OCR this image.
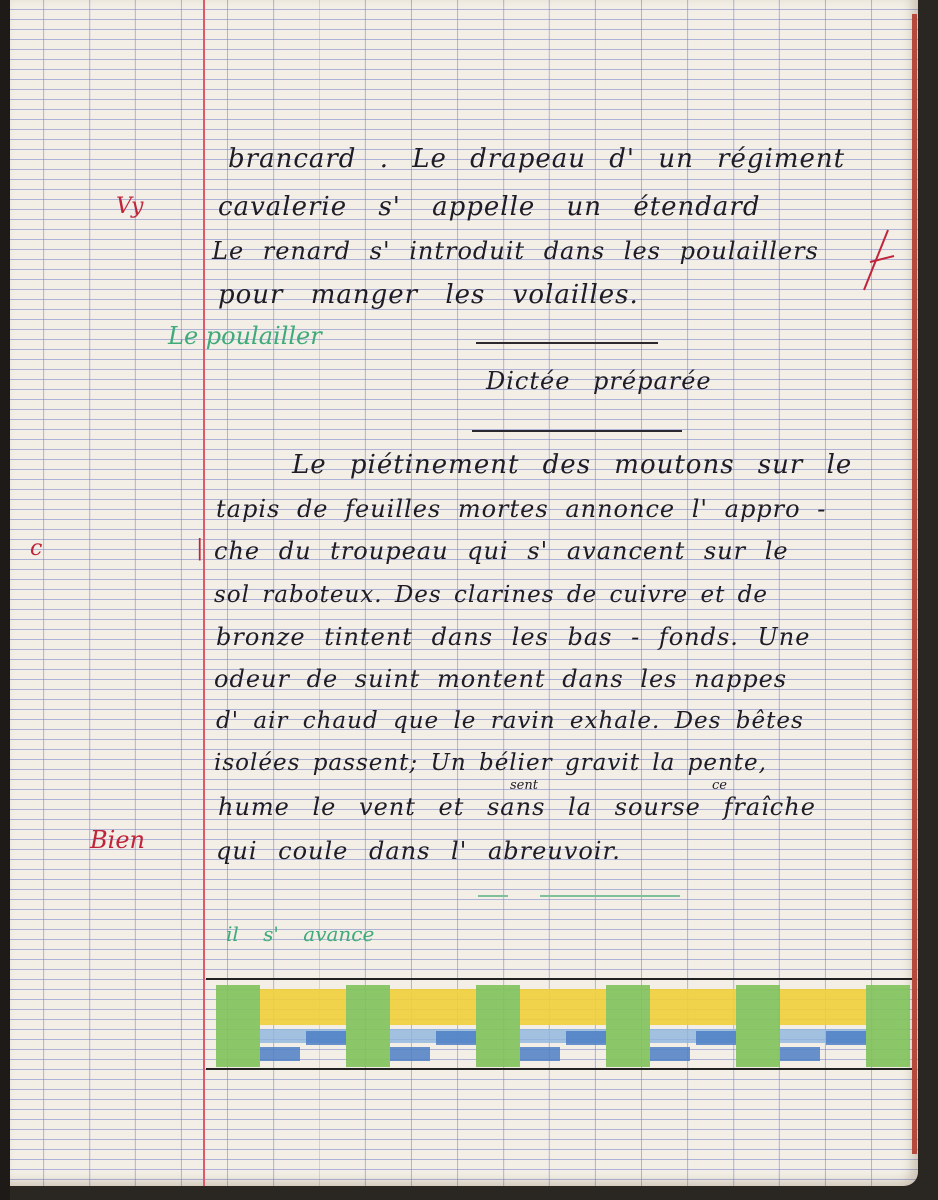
brancard . Le drapeau d' un régiment
cavalerie s' appelle un étendard
Le renard s' introduit dans les poulaillers
pour manger les volailles.
Dictée préparée
Le piétinement des moutons sur le
tapis de feuilles mortes annonce l' appro -
che du troupeau qui s' avancent sur le
sol raboteux. Des clarines de cuivre et de
bronze tintent dans les bas - fonds. Une
odeur de suint montent dans les nappes
d' air chaud que le ravin exhale. Des bêtes
isolées passent; Un bélier gravit la pente,
sent	ce
hume le vent et sans la sourse fraîche
qui coule dans l' abreuvoir.
Vy
Le poulailler
c	|
Bien
il s' avance
